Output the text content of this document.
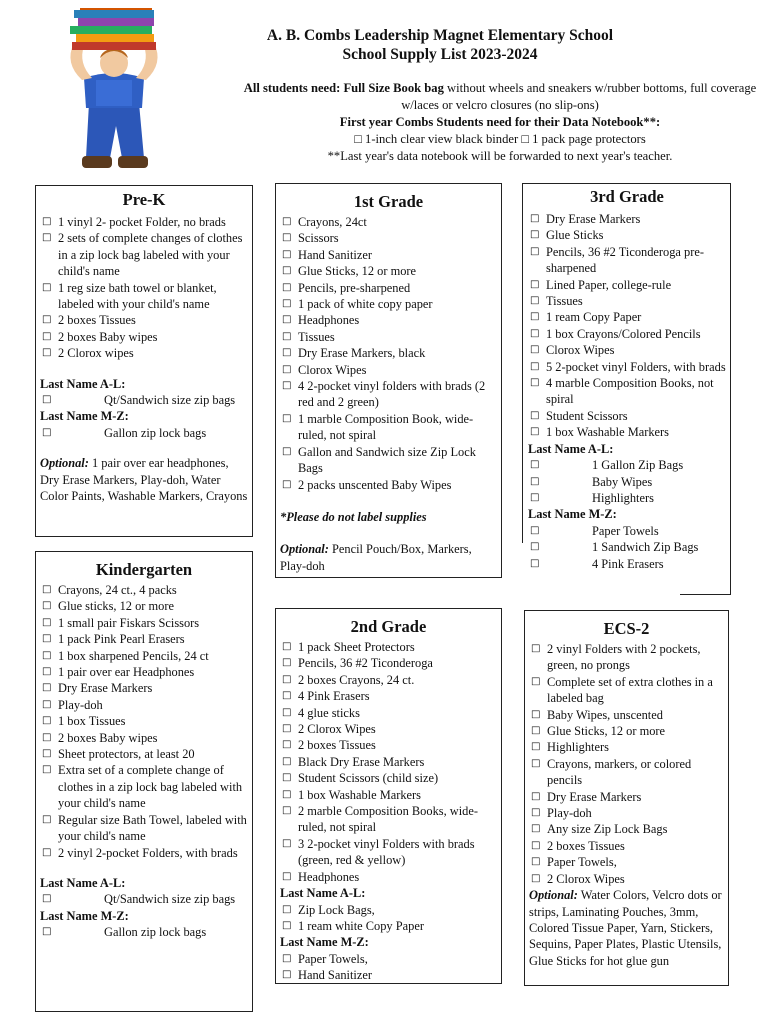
A. B. Combs Leadership Magnet Elementary School
School Supply List 2023-2024
All students need: Full Size Book bag without wheels and sneakers w/rubber bottoms, full coverage w/laces or velcro closures (no slip-ons)
First year Combs Students need for their Data Notebook**:
□ 1-inch clear view black binder □ 1 pack page protectors
**Last year's data notebook will be forwarded to next year's teacher.
Pre-K
□ 1 vinyl 2- pocket Folder, no brads
□ 2 sets of complete changes of clothes in a zip lock bag labeled with your child's name
□ 1 reg size bath towel or blanket, labeled with your child's name
□ 2 boxes Tissues
□ 2 boxes Baby wipes
□ 2 Clorox wipes
Last Name A-L:
□ Qt/Sandwich size zip bags
Last Name M-Z:
□ Gallon zip lock bags
Optional: 1 pair over ear headphones, Dry Erase Markers, Play-doh, Water Color Paints, Washable Markers, Crayons
Kindergarten
□ Crayons, 24 ct., 4 packs
□ Glue sticks, 12 or more
□ 1 small pair Fiskars Scissors
□ 1 pack Pink Pearl Erasers
□ 1 box sharpened Pencils, 24 ct
□ 1 pair over ear Headphones
□ Dry Erase Markers
□ Play-doh
□ 1 box Tissues
□ 2 boxes Baby wipes
□ Sheet protectors, at least 20
□ Extra set of a complete change of clothes in a zip lock bag labeled with your child's name
□ Regular size Bath Towel, labeled with your child's name
□ 2 vinyl 2-pocket Folders, with brads
Last Name A-L:
□ Qt/Sandwich size zip bags
Last Name M-Z:
□ Gallon zip lock bags
1st Grade
□ Crayons, 24ct
□ Scissors
□ Hand Sanitizer
□ Glue Sticks, 12 or more
□ Pencils, pre-sharpened
□ 1 pack of white copy paper
□ Headphones
□ Tissues
□ Dry Erase Markers, black
□ Clorox Wipes
□ 4 2-pocket vinyl folders with brads (2 red and 2 green)
□ 1 marble Composition Book, wide-ruled, not spiral
□ Gallon and Sandwich size Zip Lock Bags
□ 2 packs unscented Baby Wipes
*Please do not label supplies
Optional: Pencil Pouch/Box, Markers, Play-doh
2nd Grade
□ 1 pack Sheet Protectors
□ Pencils, 36 #2 Ticonderoga
□ 2 boxes Crayons, 24 ct.
□ 4 Pink Erasers
□ 4 glue sticks
□ 2 Clorox Wipes
□ 2 boxes Tissues
□ Black Dry Erase Markers
□ Student Scissors (child size)
□ 1 box Washable Markers
□ 2 marble Composition Books, wide-ruled, not spiral
□ 3 2-pocket vinyl Folders with brads (green, red & yellow)
□ Headphones
Last Name A-L:
□ Zip Lock Bags,
□ 1 ream white Copy Paper
Last Name M-Z:
□ Paper Towels,
□ Hand Sanitizer
3rd Grade
□ Dry Erase Markers
□ Glue Sticks
□ Pencils, 36 #2 Ticonderoga pre-sharpened
□ Lined Paper, college-rule
□ Tissues
□ 1 ream Copy Paper
□ 1 box Crayons/Colored Pencils
□ Clorox Wipes
□ 5 2-pocket vinyl Folders, with brads
□ 4 marble Composition Books, not spiral
□ Student Scissors
□ 1 box Washable Markers
Last Name A-L:
□ 1 Gallon Zip Bags
□ Baby Wipes
□ Highlighters
Last Name M-Z:
□ Paper Towels
□ 1 Sandwich Zip Bags
□ 4 Pink Erasers
ECS-2
□ 2 vinyl Folders with 2 pockets, green, no prongs
□ Complete set of extra clothes in a labeled bag
□ Baby Wipes, unscented
□ Glue Sticks, 12 or more
□ Highlighters
□ Crayons, markers, or colored pencils
□ Dry Erase Markers
□ Play-doh
□ Any size Zip Lock Bags
□ 2 boxes Tissues
□ Paper Towels,
□ 2 Clorox Wipes
Optional: Water Colors, Velcro dots or strips, Laminating Pouches, 3mm, Colored Tissue Paper, Yarn, Stickers, Sequins, Paper Plates, Plastic Utensils, Glue Sticks for hot glue gun
